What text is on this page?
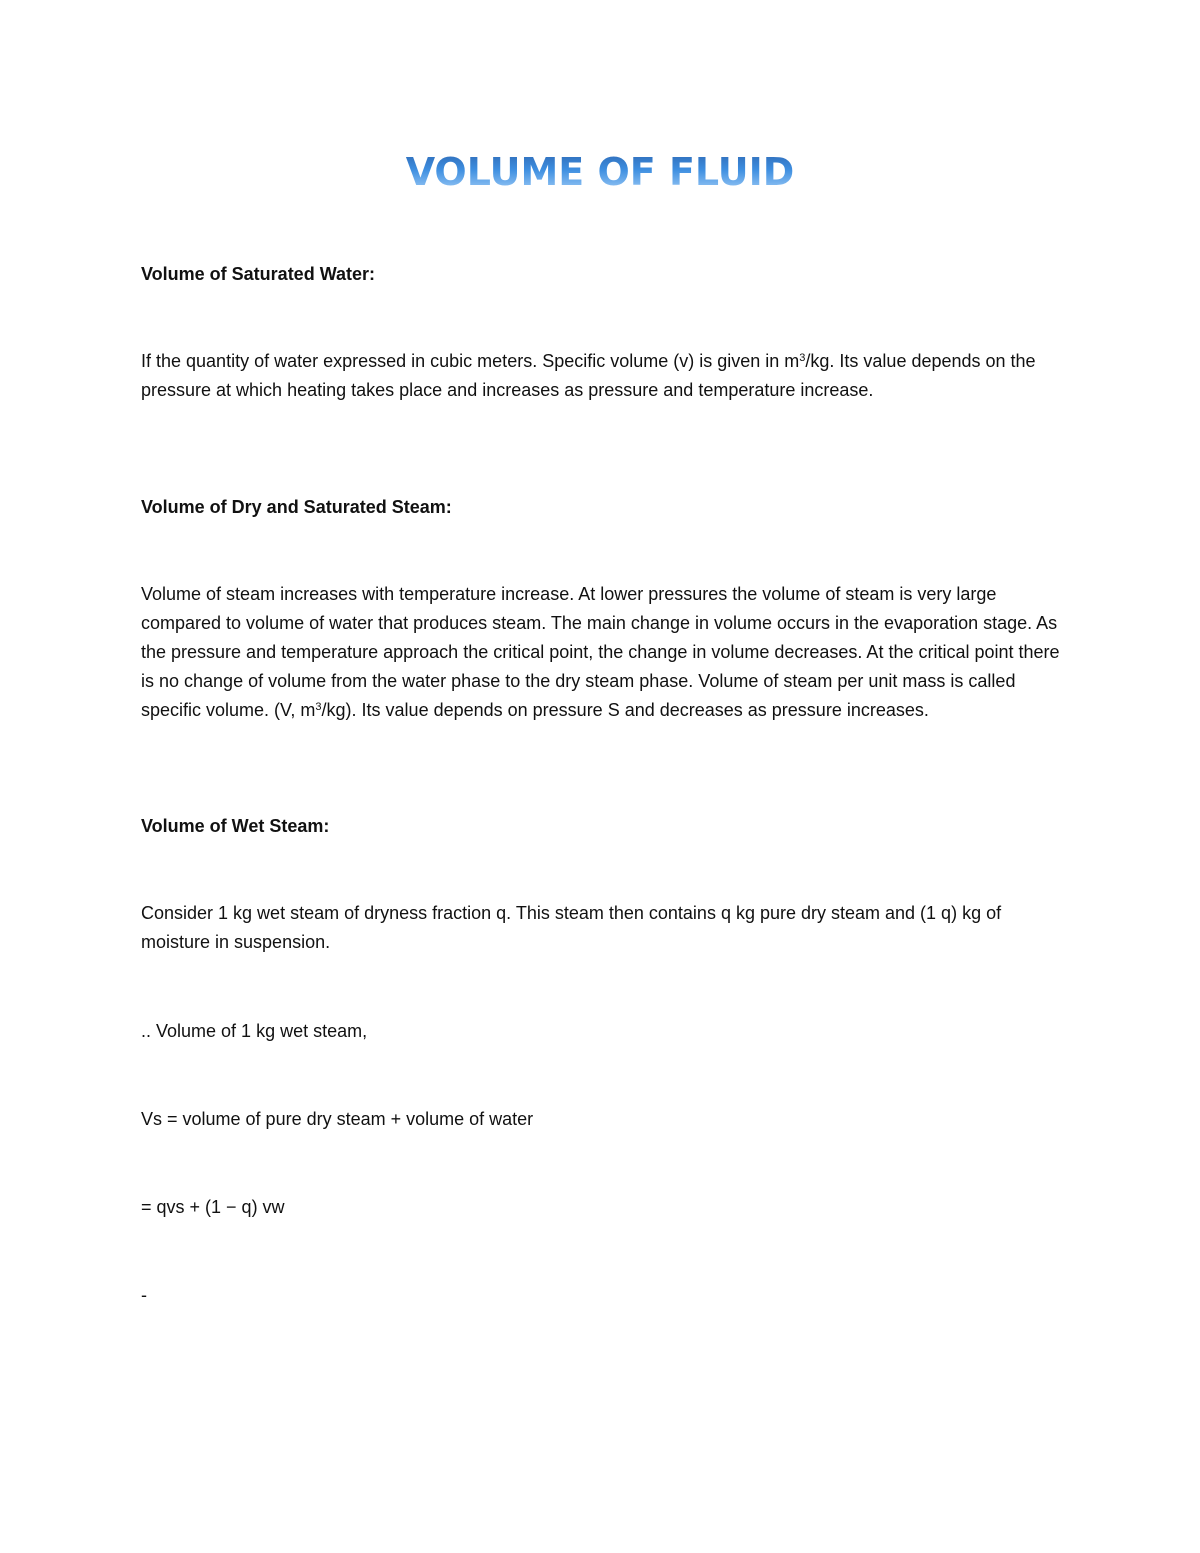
VOLUME OF FLUID
Volume of Saturated Water:
If the quantity of water expressed in cubic meters. Specific volume (v) is given in $m^3/kg$. Its value depends on the pressure at which heating takes place and increases as pressure and temperature increase.
Volume of Dry and Saturated Steam:
Volume of steam increases with temperature increase. At lower pressures the volume of steam is very large compared to volume of water that produces steam. The main change in volume occurs in the evaporation stage. As the pressure and temperature approach the critical point, the change in volume decreases. At the critical point there is no change of volume from the water phase to the dry steam phase. Volume of steam per unit mass is called specific volume. (V, $m^3/kg$). Its value depends on pressure S and decreases as pressure increases.
Volume of Wet Steam:
Consider 1 kg wet steam of dryness fraction q. This steam then contains q kg pure dry steam and (1 q) kg of moisture in suspension.
.. Volume of 1 kg wet steam,
Vs = volume of pure dry steam + volume of water
= qvs + (1 − q) vw
-
